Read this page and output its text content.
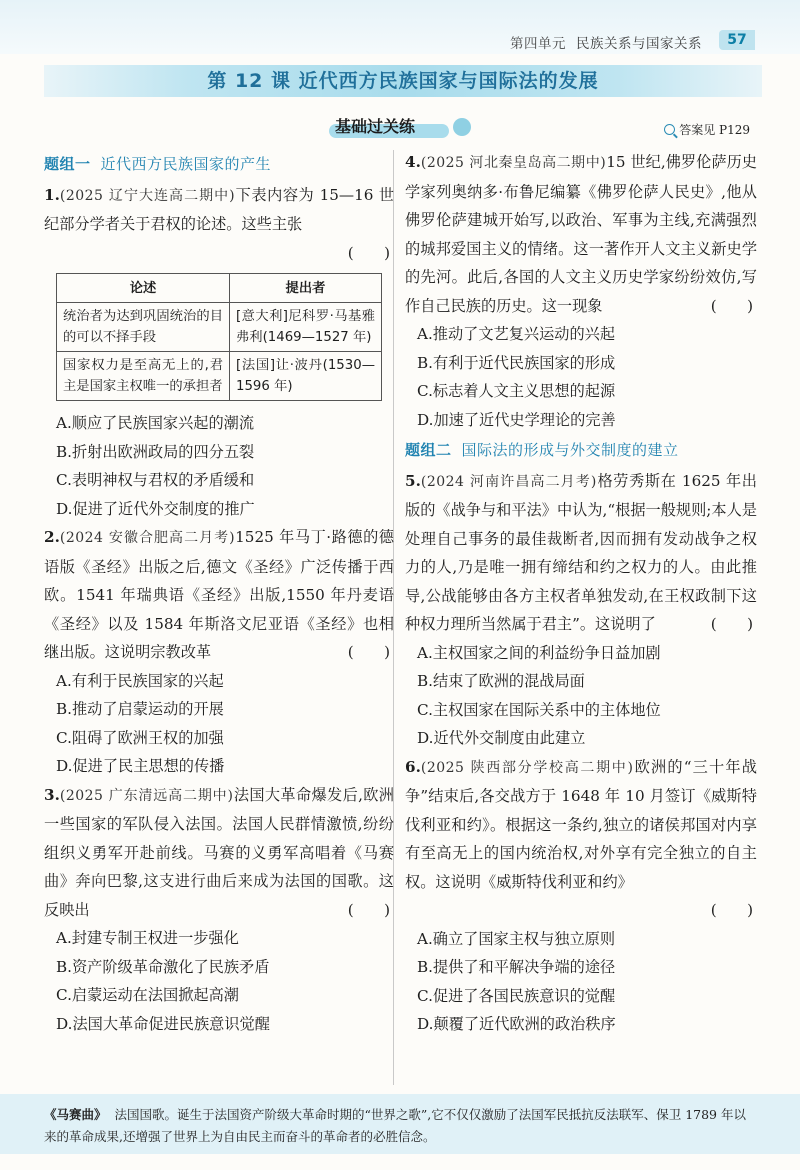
第四单元 民族关系与国家关系	57
第 12 课 近代西方民族国家与国际法的发展
基础过关练	答案见 P129
题组一 近代西方民族国家的产生
1.(2025 辽宁大连高二期中)下表内容为 15—16 世纪部分学者关于君权的论述。这些主张
(　　)
论述	提出者
统治者为达到巩固统治的目的可以不择手段	[意大利]尼科罗·马基雅弗利(1469—1527 年)
国家权力是至高无上的,君主是国家主权唯一的承担者	[法国]让·波丹(1530—1596 年)
A.顺应了民族国家兴起的潮流
B.折射出欧洲政局的四分五裂
C.表明神权与君权的矛盾缓和
D.促进了近代外交制度的推广
2.(2024 安徽合肥高二月考)1525 年马丁·路德的德语版《圣经》出版之后,德文《圣经》广泛传播于西欧。1541 年瑞典语《圣经》出版,1550 年丹麦语《圣经》以及 1584 年斯洛文尼亚语《圣经》也相继出版。这说明宗教改革	(　　)
A.有利于民族国家的兴起
B.推动了启蒙运动的开展
C.阻碍了欧洲王权的加强
D.促进了民主思想的传播
3.(2025 广东清远高二期中)法国大革命爆发后,欧洲一些国家的军队侵入法国。法国人民群情激愤,纷纷组织义勇军开赴前线。马赛的义勇军高唱着《马赛曲》奔向巴黎,这支进行曲后来成为法国的国歌。这反映出	(　　)
A.封建专制王权进一步强化
B.资产阶级革命激化了民族矛盾
C.启蒙运动在法国掀起高潮
D.法国大革命促进民族意识觉醒
4.(2025 河北秦皇岛高二期中)15 世纪,佛罗伦萨历史学家列奥纳多·布鲁尼编纂《佛罗伦萨人民史》,他从佛罗伦萨建城开始写,以政治、军事为主线,充满强烈的城邦爱国主义的情绪。这一著作开人文主义新史学的先河。此后,各国的人文主义历史学家纷纷效仿,写作自己民族的历史。这一现象	(　　)
A.推动了文艺复兴运动的兴起
B.有利于近代民族国家的形成
C.标志着人文主义思想的起源
D.加速了近代史学理论的完善
题组二 国际法的形成与外交制度的建立
5.(2024 河南许昌高二月考)格劳秀斯在 1625 年出版的《战争与和平法》中认为,“根据一般规则;本人是处理自己事务的最佳裁断者,因而拥有发动战争之权力的人,乃是唯一拥有缔结和约之权力的人。由此推导,公战能够由各方主权者单独发动,在王权政制下这种权力理所当然属于君主”。这说明了	(　　)
A.主权国家之间的利益纷争日益加剧
B.结束了欧洲的混战局面
C.主权国家在国际关系中的主体地位
D.近代外交制度由此建立
6.(2025 陕西部分学校高二期中)欧洲的“三十年战争”结束后,各交战方于 1648 年 10 月签订《威斯特伐利亚和约》。根据这一条约,独立的诸侯邦国对内享有至高无上的国内统治权,对外享有完全独立的自主权。这说明《威斯特伐利亚和约》
(　　)
A.确立了国家主权与独立原则
B.提供了和平解决争端的途径
C.促进了各国民族意识的觉醒
D.颠覆了近代欧洲的政治秩序
《马赛曲》 法国国歌。诞生于法国资产阶级大革命时期的“世界之歌”,它不仅仅激励了法国军民抵抗反法联军、保卫 1789 年以来的革命成果,还增强了世界上为自由民主而奋斗的革命者的必胜信念。
